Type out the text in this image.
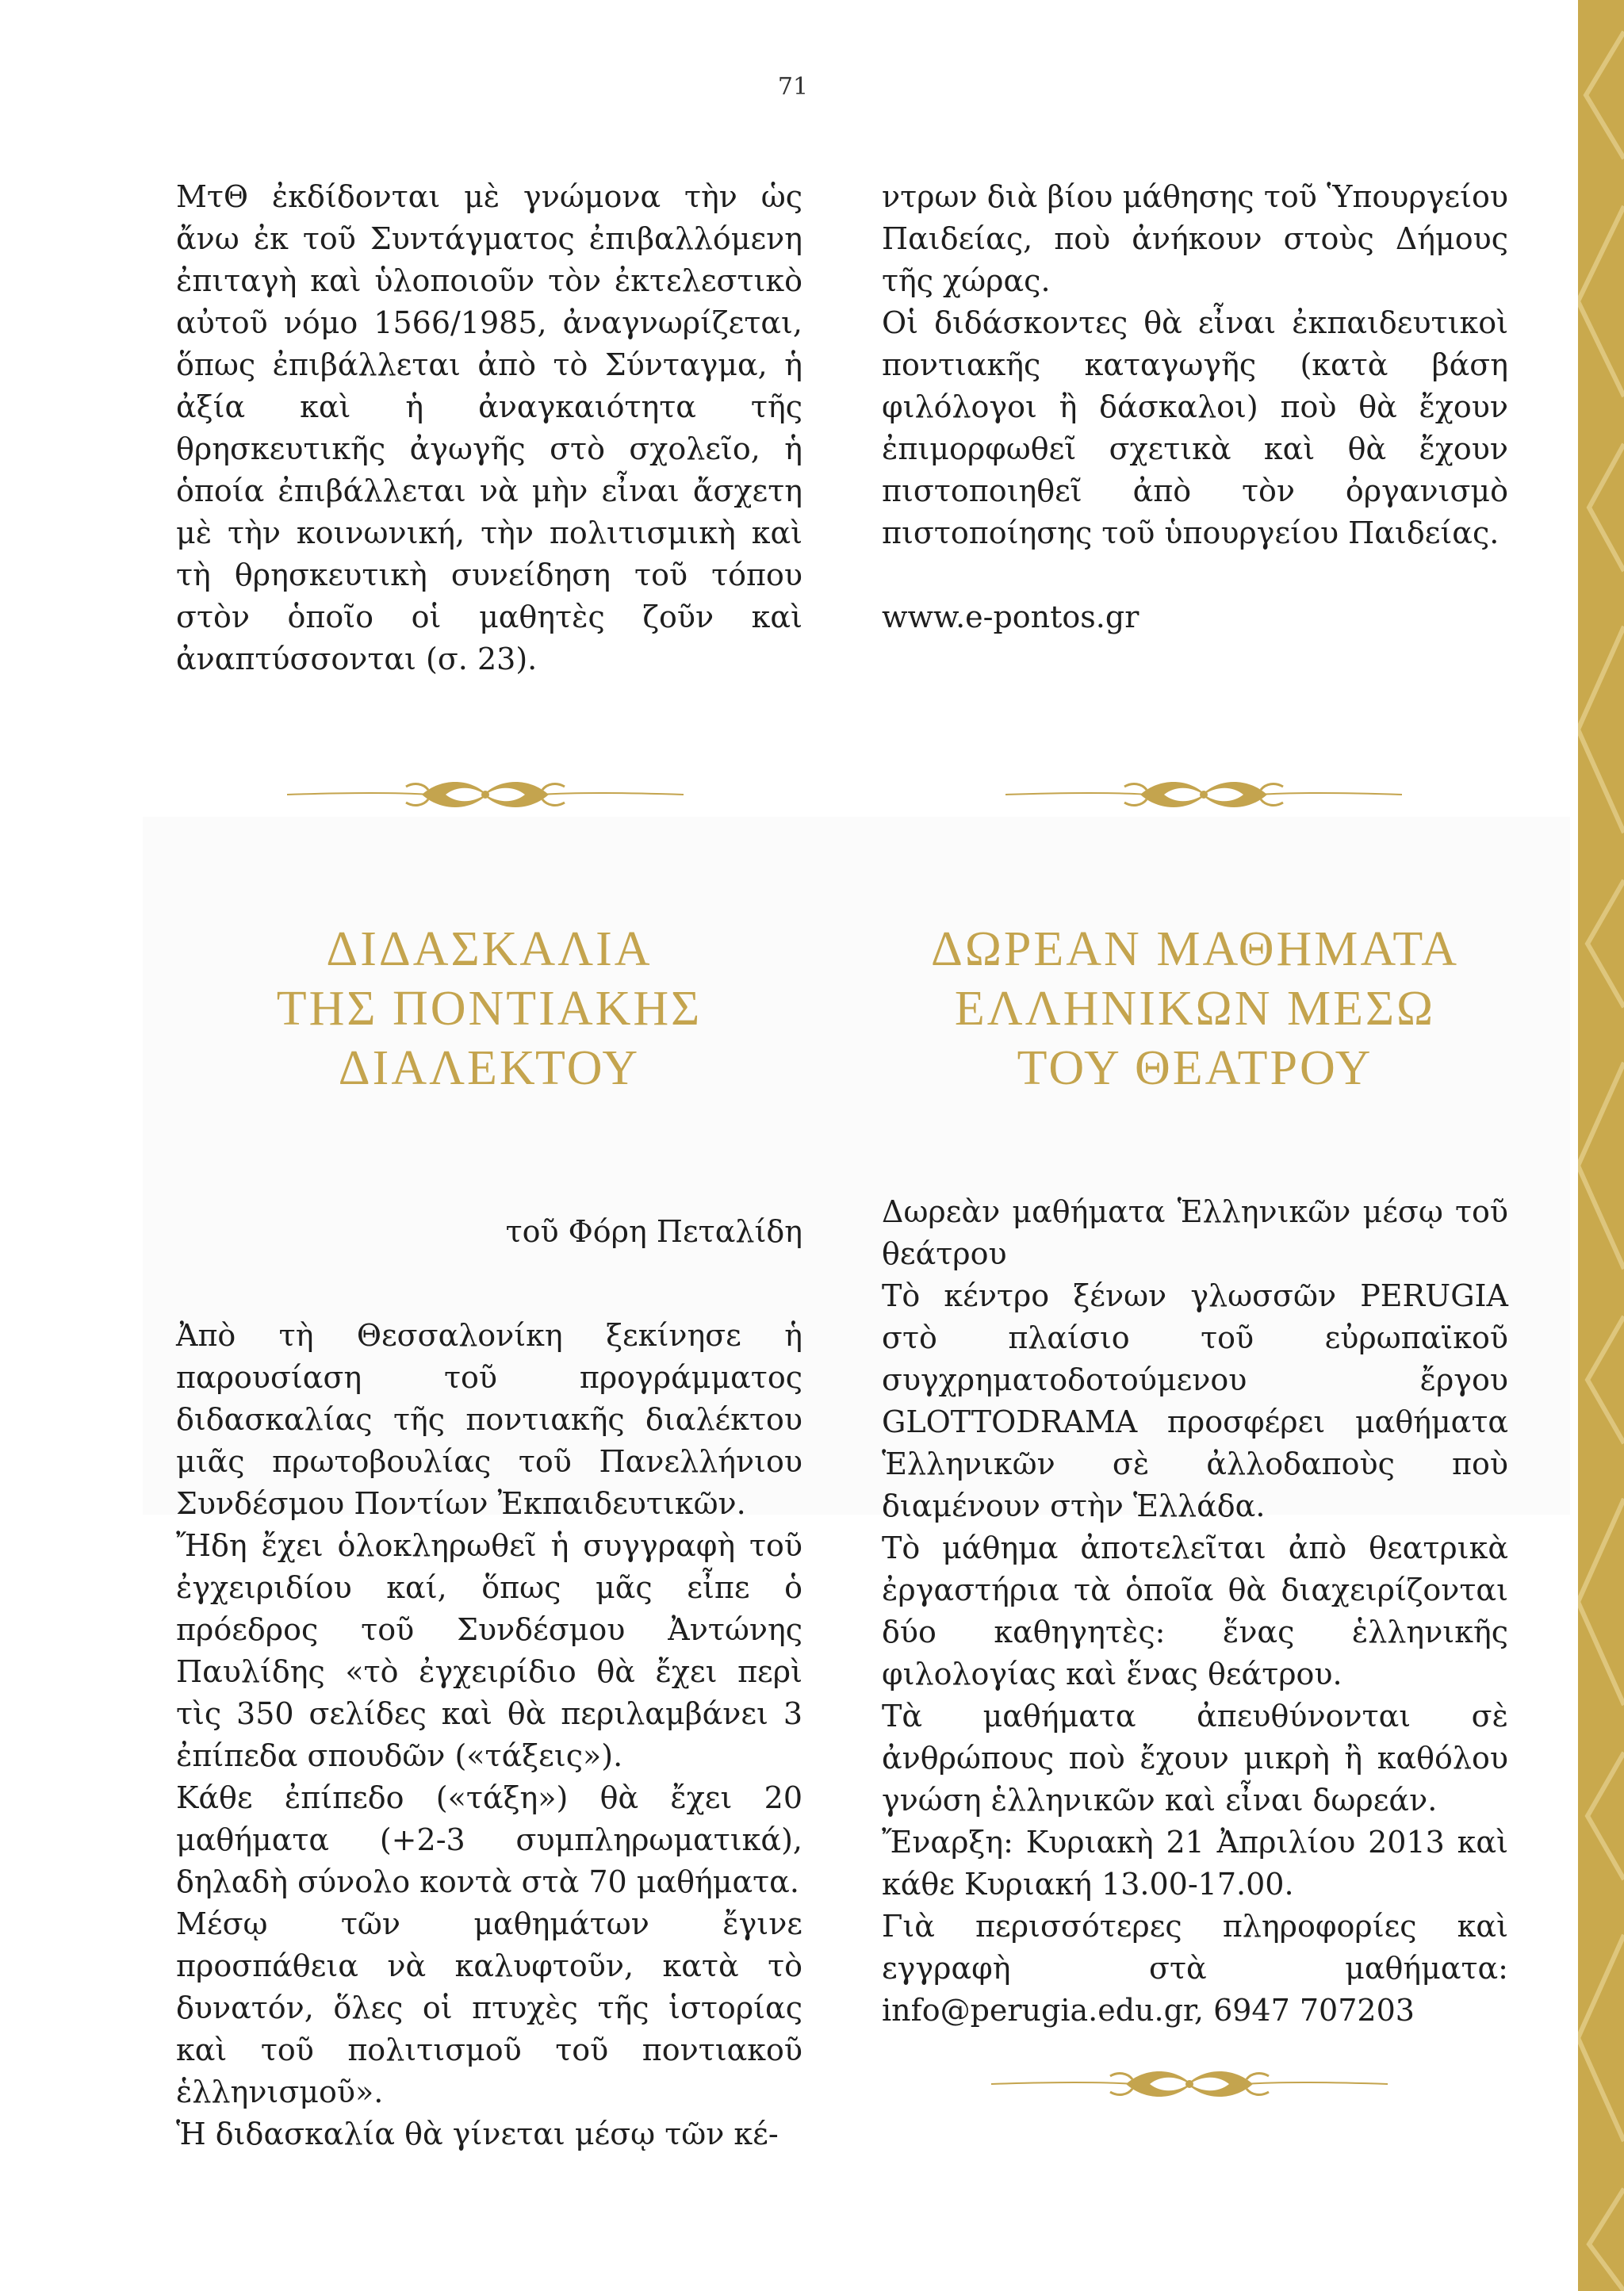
71

ΜτΘ ἐκδίδονται μὲ γνώμονα τὴν ὡς ἄνω ἐκ τοῦ Συντάγματος ἐπιβαλλόμενη ἐπιταγὴ καὶ ὑλοποιοῦν τὸν ἐκτελεστικὸ αὐτοῦ νόμο 1566/1985, ἀναγνωρίζεται, ὅπως ἐπιβάλλεται ἀπὸ τὸ Σύνταγμα, ἡ ἀξία καὶ ἡ ἀναγκαιότητα τῆς θρησκευτικῆς ἀγωγῆς στὸ σχολεῖο, ἡ ὁποία ἐπιβάλλεται νὰ μὴν εἶναι ἄσχετη μὲ τὴν κοινωνική, τὴν πολιτισμικὴ καὶ τὴ θρησκευτικὴ συνείδηση τοῦ τόπου στὸν ὁποῖο οἱ μαθητὲς ζοῦν καὶ ἀναπτύσσονται (σ. 23).

ντρων διὰ βίου μάθησης τοῦ Ὑπουργείου Παιδείας, ποὺ ἀνήκουν στοὺς Δήμους τῆς χώρας.

Οἱ διδάσκοντες θὰ εἶναι ἐκπαιδευτικοὶ ποντιακῆς καταγωγῆς (κατὰ βάση φιλόλογοι ἢ δάσκαλοι) ποὺ θὰ ἔχουν ἐπιμορφωθεῖ σχετικὰ καὶ θὰ ἔχουν πιστοποιηθεῖ ἀπὸ τὸν ὀργανισμὸ πιστοποίησης τοῦ ὑπουργείου Παιδείας.

www.e-pontos.gr

ΔΙΔΑΣΚΑΛΙΑ
ΤΗΣ ΠΟΝΤΙΑΚΗΣ
ΔΙΑΛΕΚΤΟΥ
ΔΩΡΕΑΝ ΜΑΘΗΜΑΤΑ
ΕΛΛΗΝΙΚΩΝ ΜΕΣΩ
ΤΟΥ ΘΕΑΤΡΟΥ
τοῦ Φόρη Πεταλίδη

Ἀπὸ τὴ Θεσσαλονίκη ξεκίνησε ἡ παρουσίαση τοῦ προγράμματος διδασκαλίας τῆς ποντιακῆς διαλέκτου μιᾶς πρωτοβουλίας τοῦ Πανελλήνιου Συνδέσμου Ποντίων Ἐκπαιδευτικῶν.

Ἤδη ἔχει ὁλοκληρωθεῖ ἡ συγγραφὴ τοῦ ἐγχειριδίου καί, ὅπως μᾶς εἶπε ὁ πρόεδρος τοῦ Συνδέσμου Ἀντώνης Παυλίδης «τὸ ἐγχειρίδιο θὰ ἔχει περὶ τὶς 350 σελίδες καὶ θὰ περιλαμβάνει 3 ἐπίπεδα σπουδῶν («τάξεις»).

Κάθε ἐπίπεδο («τάξη») θὰ ἔχει 20 μαθήματα (+2-3 συμπληρωματικά), δηλαδὴ σύνολο κοντὰ στὰ 70 μαθήματα.

Μέσῳ τῶν μαθημάτων ἔγινε προσπάθεια νὰ καλυφτοῦν, κατὰ τὸ δυνατόν, ὅλες οἱ πτυχὲς τῆς ἱστορίας καὶ τοῦ πολιτισμοῦ τοῦ ποντιακοῦ ἑλληνισμοῦ».

Ἡ διδασκαλία θὰ γίνεται μέσῳ τῶν κέ-

Δωρεὰν μαθήματα Ἑλληνικῶν μέσῳ τοῦ θεάτρου

Τὸ κέντρο ξένων γλωσσῶν PERUGIA στὸ πλαίσιο τοῦ εὐρωπαϊκοῦ συγχρηματοδοτούμενου ἔργου GLOTTODRAMA προσφέρει μαθήματα Ἑλληνικῶν σὲ ἀλλοδαποὺς ποὺ διαμένουν στὴν Ἑλλάδα.

Τὸ μάθημα ἀποτελεῖται ἀπὸ θεατρικὰ ἐργαστήρια τὰ ὁποῖα θὰ διαχειρίζονται δύο καθηγητὲς: ἕνας ἑλληνικῆς φιλολογίας καὶ ἕνας θεάτρου.

Τὰ μαθήματα ἀπευθύνονται σὲ ἀνθρώπους ποὺ ἔχουν μικρὴ ἢ καθόλου γνώση ἑλληνικῶν καὶ εἶναι δωρεάν.

Ἔναρξη: Κυριακὴ 21 Ἀπριλίου 2013 καὶ κάθε Κυριακή 13.00-17.00.

Γιὰ περισσότερες πληροφορίες καὶ εγγραφὴ στὰ μαθήματα: info@perugia.edu.gr, 6947 707203
